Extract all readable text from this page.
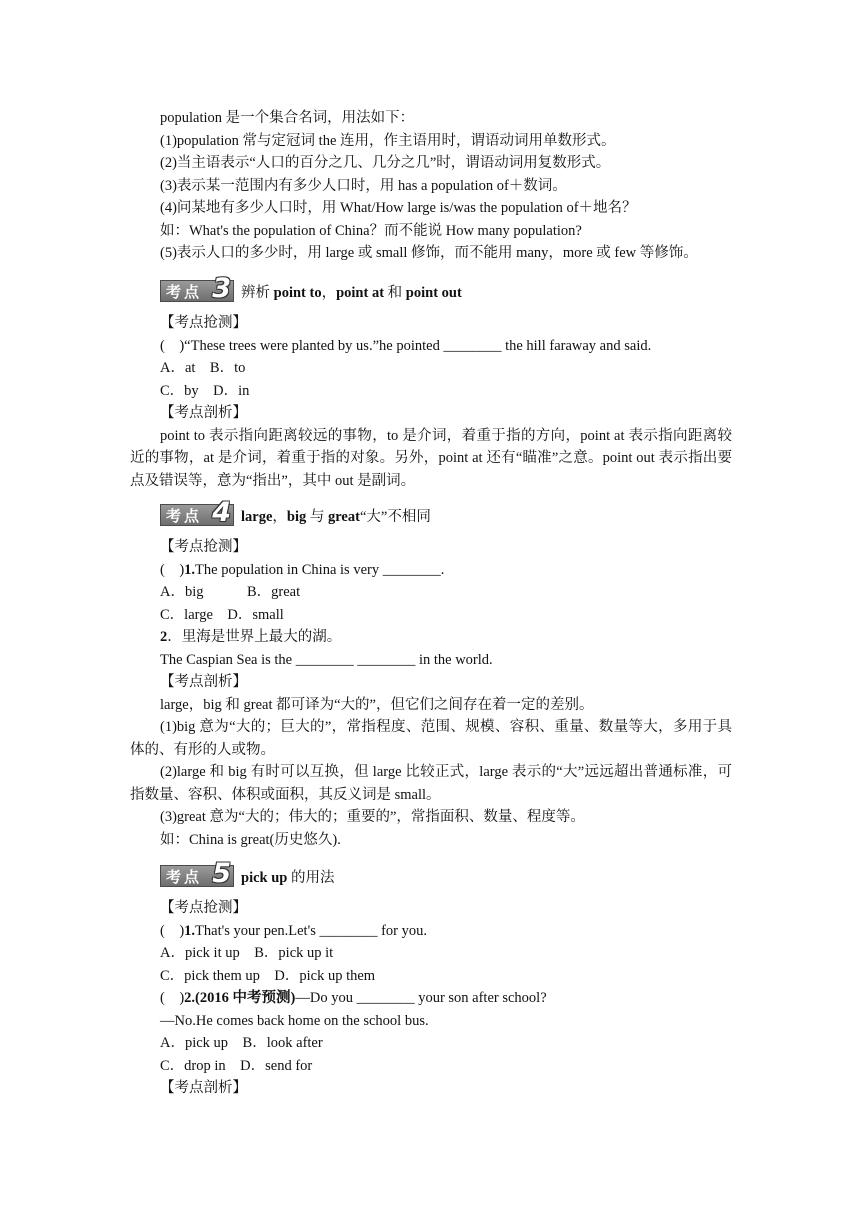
population 是一个集合名词，用法如下：
(1)population 常与定冠词 the 连用，作主语用时，谓语动词用单数形式。
(2)当主语表示“人口的百分之几、几分之几”时，谓语动词用复数形式。
(3)表示某一范围内有多少人口时，用 has a population of＋数词。
(4)问某地有多少人口时，用 What/How large is/was the population of＋地名？
如：What's the population of China？而不能说 How many population?
(5)表示人口的多少时，用 large 或 small 修饰，而不能用 many，more 或 few 等修饰。
考点 3 辨析 point to，point at 和 point out
【考点抢测】
(　)“These trees were planted by us.”he pointed ________ the hill faraway and said.
A．at　B．to
C．by　D．in
【考点剖析】
point to 表示指向距离较远的事物，to 是介词，着重于指的方向，point at 表示指向距离较近的事物，at 是介词，着重于指的对象。另外，point at 还有“瞄准”之意。point out 表示指出要点及错误等，意为“指出”，其中 out 是副词。
考点 4 large，big 与 great“大”不相同
【考点抢测】
(　)1.The population in China is very ________.
A．big　　　B．great
C．large　D．small
2．里海是世界上最大的湖。
The Caspian Sea is the ________ ________ in the world.
【考点剖析】
large，big 和 great 都可译为“大的”，但它们之间存在着一定的差别。
(1)big 意为“大的；巨大的”，常指程度、范围、规模、容积、重量、数量等大，多用于具体的、有形的人或物。
(2)large 和 big 有时可以互换，但 large 比较正式，large 表示的“大”远远超出普通标准，可指数量、容积、体积或面积，其反义词是 small。
(3)great 意为“大的；伟大的；重要的”，常指面积、数量、程度等。
如：China is great(历史悠久).
考点 5 pick up 的用法
【考点抢测】
(　)1.That's your pen.Let's ________ for you.
A．pick it up　B．pick up it
C．pick them up　D．pick up them
(　)2.(2016 中考预测)—Do you ________ your son after school?
—No.He comes back home on the school bus.
A．pick up　B．look after
C．drop in　D．send for
【考点剖析】
